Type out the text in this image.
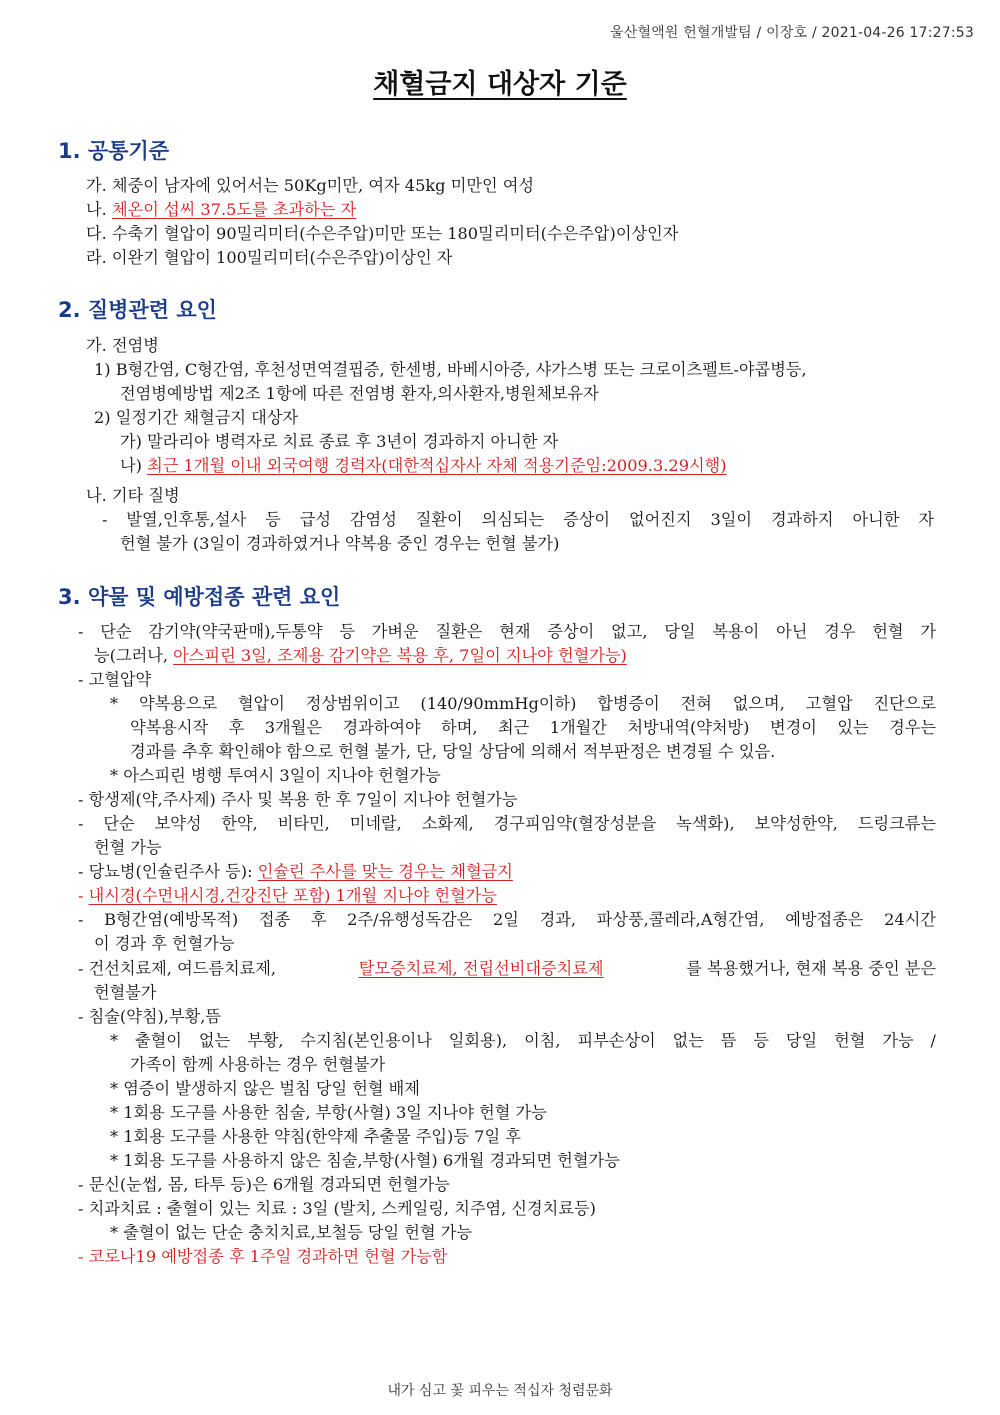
울산혈액원 헌혈개발팀 / 이장호 / 2021-04-26 17:27:53
채혈금지 대상자 기준
1. 공통기준
가. 체중이 남자에 있어서는 50Kg미만, 여자 45kg 미만인 여성
나. 체온이 섭씨 37.5도를 초과하는 자
다. 수축기 혈압이 90밀리미터(수은주압)미만 또는 180밀리미터(수은주압)이상인자
라. 이완기 혈압이 100밀리미터(수은주압)이상인 자
2. 질병관련 요인
가. 전염병
1) B형간염, C형간염, 후천성면역결핍증, 한센병, 바베시아증, 샤가스병 또는 크로이츠펠트-야콥병등,
전염병예방법 제2조 1항에 따른 전염병 환자,의사환자,병원체보유자
2) 일정기간 채혈금지 대상자
가) 말라리아 병력자로 치료 종료 후 3년이 경과하지 아니한 자
나) 최근 1개월 이내 외국여행 경력자(대한적십자사 자체 적용기준임:2009.3.29시행)
나. 기타 질병
- 발열,인후통,설사 등 급성 감염성 질환이 의심되는 증상이 없어진지 3일이 경과하지 아니한 자
헌혈 불가 (3일이 경과하였거나 약복용 중인 경우는 헌혈 불가)
3. 약물 및 예방접종 관련 요인
- 단순 감기약(약국판매),두통약 등 가벼운 질환은 현재 증상이 없고, 당일 복용이 아닌 경우 헌혈 가
능(그러나, 아스피린 3일, 조제용 감기약은 복용 후, 7일이 지나야 헌혈가능)
- 고혈압약
* 약복용으로 혈압이 정상범위이고 (140/90mmHg이하) 합병증이 전혀 없으며, 고혈압 진단으로
약복용시작 후 3개월은 경과하여야 하며, 최근 1개월간 처방내역(약처방) 변경이 있는 경우는
경과를 추후 확인해야 함으로 헌혈 불가, 단, 당일 상담에 의해서 적부판정은 변경될 수 있음.
* 아스피린 병행 투여시 3일이 지나야 헌혈가능
- 항생제(약,주사제) 주사 및 복용 한 후 7일이 지나야 헌혈가능
- 단순 보약성 한약, 비타민, 미네랄, 소화제, 경구피임약(혈장성분을 녹색화), 보약성한약, 드링크류는
헌혈 가능
- 당뇨병(인슐린주사 등): 인슐린 주사를 맞는 경우는 채혈금지
- 내시경(수면내시경,건강진단 포함) 1개월 지나야 헌혈가능
- B형간염(예방목적) 접종 후 2주/유행성독감은 2일 경과, 파상풍,콜레라,A형간염, 예방접종은 24시간
이 경과 후 헌혈가능
- 건선치료제, 여드름치료제,	탈모증치료제, 전립선비대증치료제	를 복용했거나, 현재 복용 중인 분은
헌혈불가
- 침술(약침),부황,뜸
* 출혈이 없는 부황, 수지침(본인용이나 일회용), 이침, 피부손상이 없는 뜸 등 당일 헌혈 가능 /
가족이 함께 사용하는 경우 헌혈불가
* 염증이 발생하지 않은 벌침 당일 헌혈 배제
* 1회용 도구를 사용한 침술, 부항(사혈) 3일 지나야 헌혈 가능
* 1회용 도구를 사용한 약침(한약제 추출물 주입)등 7일 후
* 1회용 도구를 사용하지 않은 침술,부항(사혈) 6개월 경과되면 헌혈가능
- 문신(눈썹, 몸, 타투 등)은 6개월 경과되면 헌혈가능
- 치과치료 : 출혈이 있는 치료 : 3일 (발치, 스케일링, 치주염, 신경치료등)
* 출혈이 없는 단순 충치치료,보철등 당일 헌혈 가능
- 코로나19 예방접종 후 1주일 경과하면 헌혈 가능함
내가 심고 꽃 피우는 적십자 청렴문화
